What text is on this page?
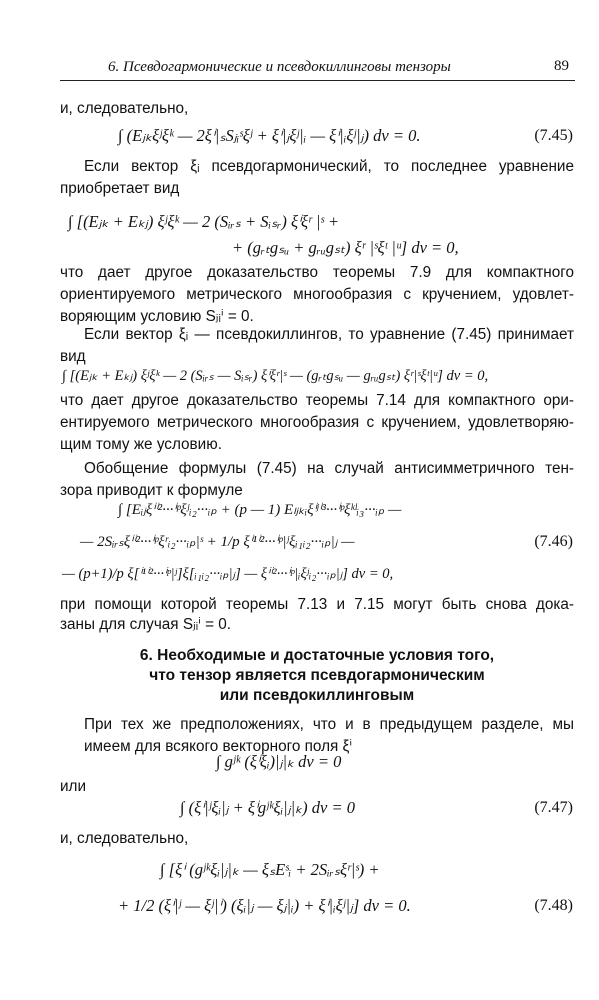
6. Псевдогармонические и псевдокиллинговы тензоры	89
и, следовательно,
∫ (Eⱼₖξʲξᵏ — 2ξⁱ|ₛSⱼᵢˢξʲ + ξⁱ|ⱼξʲ|ᵢ — ξⁱ|ᵢξʲ|ⱼ) dv = 0.	(7.45)
Если вектор ξᵢ псевдогармонический, то последнее уравнение
приобретает вид
∫ [(Eⱼₖ + Eₖⱼ) ξʲξᵏ — 2 (Sᵢᵣₛ + Sᵢₛᵣ) ξⁱξʳ |ˢ +
+ (gᵣₜgₛᵤ + gᵣᵤgₛₜ) ξʳ |ˢξᵗ |ᵘ] dv = 0,
что дает другое доказательство теоремы 7.9 для компактного
ориентируемого метрического многообразия с кручением, удовлет-
воряющим условию Sⱼᵢⁱ = 0.
Если вектор ξᵢ — псевдокиллингов, то уравнение (7.45) принимает
вид
∫ [(Eⱼₖ + Eₖⱼ) ξʲξᵏ — 2 (Sᵢᵣₛ — Sᵢₛᵣ) ξⁱξʳ|ˢ — (gᵣₜgₛᵤ — gᵣᵤgₛₜ) ξʳ|ˢξᵗ|ᵘ] dv = 0,
что дает другое доказательство теоремы 7.14 для компактного ори-
ентируемого метрического многообразия с кручением, удовлетворяю-
щим тому же условию.
Обобщение формулы (7.45) на случай антисимметричного тен-
зора приводит к формуле
∫ [Eᵢⱼξⁱⁱ²···ⁱᵖξʲᵢ₂···ᵢₚ + (p — 1) Eₗⱼₖᵢξⁱʲⁱ³···ⁱᵖξᵏˡᵢ₃···ᵢₚ —
— 2Sᵢᵣₛξⁱⁱ²···ⁱᵖξʳᵢ₂···ᵢₚ|ˢ + 1/p ξⁱ¹ⁱ²···ⁱᵖ|ʲξᵢ₁ᵢ₂···ᵢₚ|ⱼ —	(7.46)
— (p+1)/p ξ[ⁱ¹ⁱ²···ⁱᵖ|ʲ]ξ[ᵢ₁ᵢ₂···ᵢₚ|ⱼ] — ξⁱⁱ²···ⁱᵖ|ᵢξʲᵢ₂···ᵢₚ|ⱼ] dv = 0,
при помощи которой теоремы 7.13 и 7.15 могут быть снова дока-
заны для случая Sⱼᵢⁱ = 0.
6. Необходимые и достаточные условия того,
что тензор является псевдогармоническим
или псевдокиллинговым
При тех же предположениях, что и в предыдущем разделе, мы
имеем для всякого векторного поля ξⁱ
∫ gʲᵏ (ξⁱξᵢ)|ⱼ|ₖ dv = 0
или
∫ (ξⁱ|ʲξᵢ|ⱼ + ξⁱgʲᵏξᵢ|ⱼ|ₖ) dv = 0	(7.47)
и, следовательно,
∫ [ξⁱ (gʲᵏξᵢ|ⱼ|ₖ — ξₛEˢᵢ + 2Sᵢᵣₛξʳ|ˢ) +
+ 1/2 (ξⁱ|ʲ — ξʲ|ⁱ) (ξᵢ|ⱼ — ξⱼ|ᵢ) + ξⁱ|ᵢξʲ|ⱼ] dv = 0.	(7.48)
